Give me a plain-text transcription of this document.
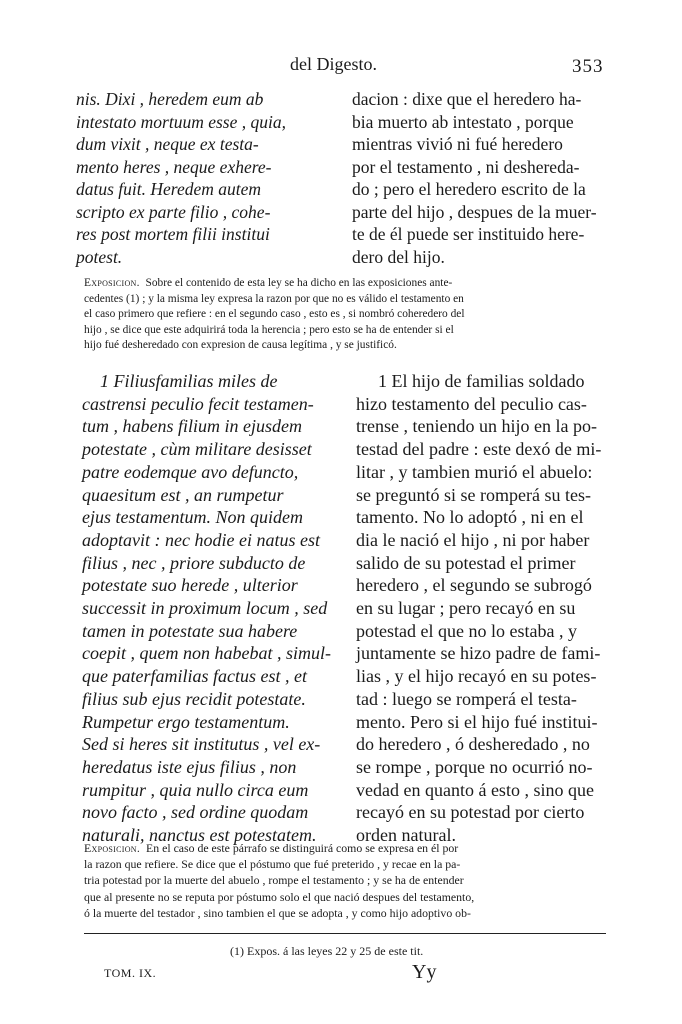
del Digesto.	353
nis. Dixi , heredem eum ab
intestato mortuum esse , quia,
dum vixit , neque ex testa-
mento heres , neque exhere-
datus fuit. Heredem autem
scripto ex parte filio , cohe-
res post mortem filii institui
potest.
dacion : dixe que el heredero ha-
bia muerto ab intestato , porque
mientras vivió ni fué heredero
por el testamento , ni deshereda-
do ; pero el heredero escrito de la
parte del hijo , despues de la muer-
te de él puede ser instituido here-
dero del hijo.
Exposicion. Sobre el contenido de esta ley se ha dicho en las exposiciones ante-
cedentes (1) ; y la misma ley expresa la razon por que no es válido el testamento en
el caso primero que refiere : en el segundo caso , esto es , si nombró coheredero del
hijo , se dice que este adquirirá toda la herencia ; pero esto se ha de entender si el
hijo fué desheredado con expresion de causa legítima , y se justificó.
1 Filiusfamilias miles de
castrensi peculio fecit testamen-
tum , habens filium in ejusdem
potestate , cùm militare desisset
patre eodemque avo defuncto,
quaesitum est , an rumpetur
ejus testamentum. Non quidem
adoptavit : nec hodie ei natus est
filius , nec , priore subducto de
potestate suo herede , ulterior
successit in proximum locum , sed
tamen in potestate sua habere
coepit , quem non habebat , simul-
que paterfamilias factus est , et
filius sub ejus recidit potestate.
Rumpetur ergo testamentum.
Sed si heres sit institutus , vel ex-
heredatus iste ejus filius , non
rumpitur , quia nullo circa eum
novo facto , sed ordine quodam
naturali, nanctus est potestatem.
1 El hijo de familias soldado
hizo testamento del peculio cas-
trense , teniendo un hijo en la po-
testad del padre : este dexó de mi-
litar , y tambien murió el abuelo:
se preguntó si se romperá su tes-
tamento. No lo adoptó , ni en el
dia le nació el hijo , ni por haber
salido de su potestad el primer
heredero , el segundo se subrogó
en su lugar ; pero recayó en su
potestad el que no lo estaba , y
juntamente se hizo padre de fami-
lias , y el hijo recayó en su potes-
tad : luego se romperá el testa-
mento. Pero si el hijo fué institui-
do heredero , ó desheredado , no
se rompe , porque no ocurrió no-
vedad en quanto á esto , sino que
recayó en su potestad por cierto
orden natural.
Exposicion. En el caso de este párrafo se distinguirá como se expresa en él por
la razon que refiere. Se dice que el póstumo que fué preterido , y recae en la pa-
tria potestad por la muerte del abuelo , rompe el testamento ; y se ha de entender
que al presente no se reputa por póstumo solo el que nació despues del testamento,
ó la muerte del testador , sino tambien el que se adopta , y como hijo adoptivo ob-
(1) Expos. á las leyes 22 y 25 de este tit.
TOM. IX.	Yy
